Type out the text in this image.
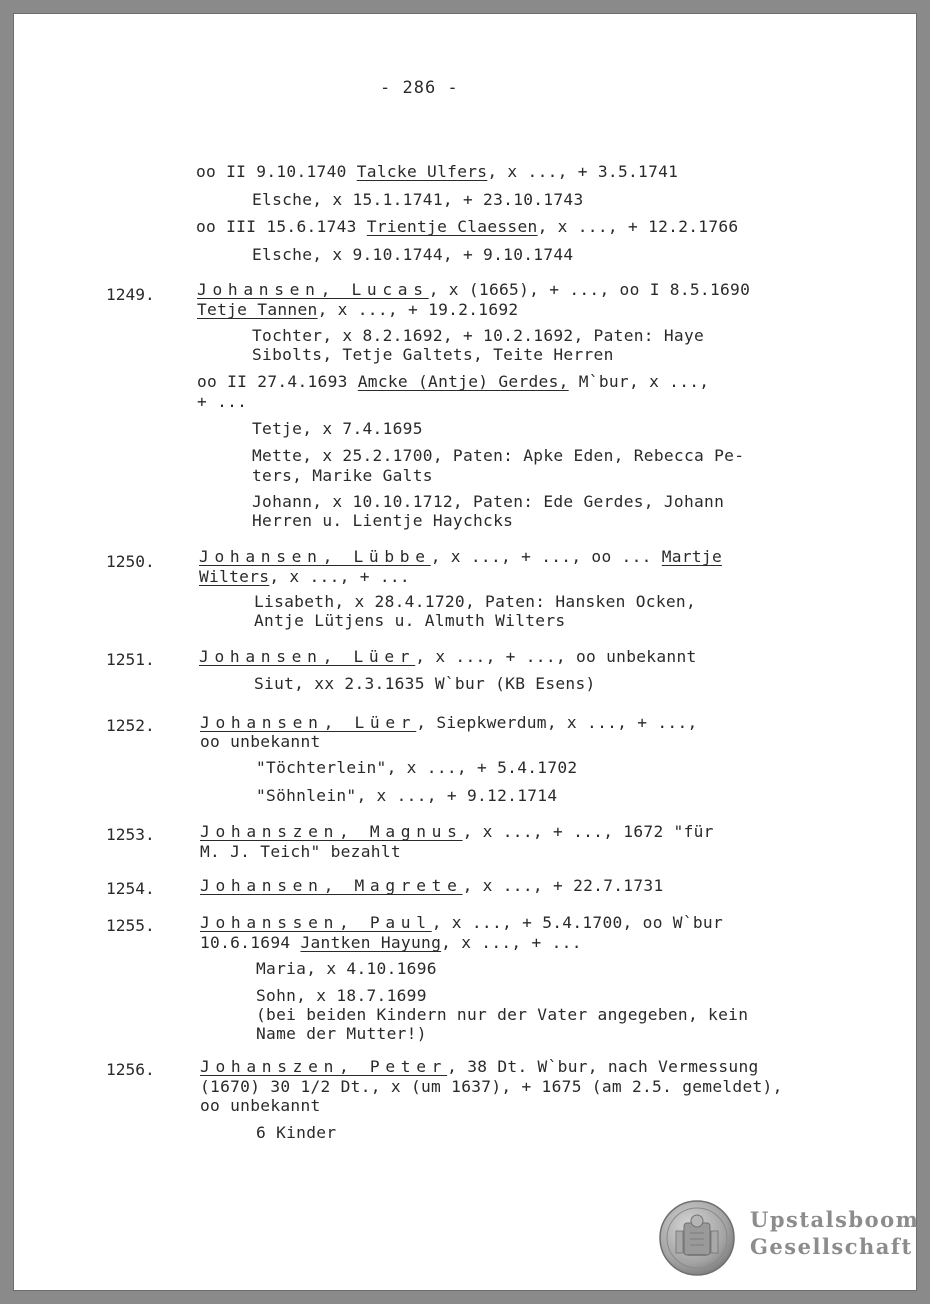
- 286 -
oo II 9.10.1740 Talcke Ulfers, x ..., + 3.5.1741
Elsche, x 15.1.1741, + 23.10.1743
oo III 15.6.1743 Trientje Claessen, x ..., + 12.2.1766
Elsche, x 9.10.1744, + 9.10.1744
1249.	Johansen, Lucas, x (1665), + ..., oo I 8.5.1690
Tetje Tannen, x ..., + 19.2.1692
Tochter, x 8.2.1692, + 10.2.1692, Paten: Haye
Sibolts, Tetje Galtets, Teite Herren
oo II 27.4.1693 Amcke (Antje) Gerdes, M`bur, x ...,
+ ...
Tetje, x 7.4.1695
Mette, x 25.2.1700, Paten: Apke Eden, Rebecca Pe-
ters, Marike Galts
Johann, x 10.10.1712, Paten: Ede Gerdes, Johann
Herren u. Lientje Haychcks
1250.	Johansen, Lübbe, x ..., + ..., oo ... Martje
Wilters, x ..., + ...
Lisabeth, x 28.4.1720, Paten: Hansken Ocken,
Antje Lütjens u. Almuth Wilters
1251.	Johansen, Lüer, x ..., + ..., oo unbekannt
Siut, xx 2.3.1635 W`bur (KB Esens)
1252.	Johansen, Lüer, Siepkwerdum, x ..., + ...,
oo unbekannt
"Töchterlein", x ..., + 5.4.1702
"Söhnlein", x ..., + 9.12.1714
1253.	Johanszen, Magnus, x ..., + ..., 1672 "für
M. J. Teich" bezahlt
1254.	Johansen, Magrete, x ..., + 22.7.1731
1255.	Johanssen, Paul, x ..., + 5.4.1700, oo W`bur
10.6.1694 Jantken Hayung, x ..., + ...
Maria, x 4.10.1696
Sohn, x 18.7.1699
(bei beiden Kindern nur der Vater angegeben, kein
Name der Mutter!)
1256.	Johanszen, Peter, 38 Dt. W`bur, nach Vermessung
(1670) 30 1/2 Dt., x (um 1637), + 1675 (am 2.5. gemeldet),
oo unbekannt
6 Kinder
Upstalsboom
Gesellschaft
